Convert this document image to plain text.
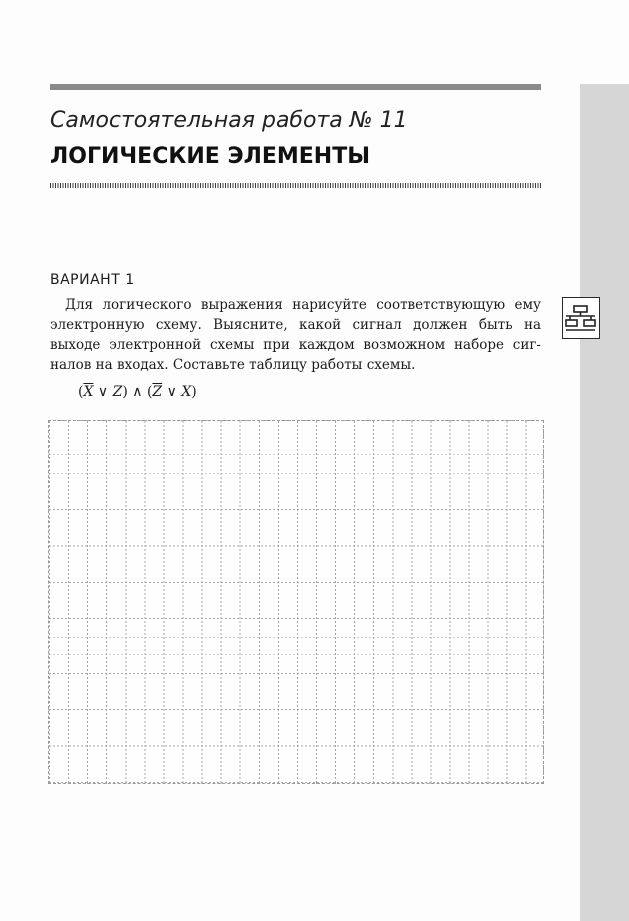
Самостоятельная работа № 11
ЛОГИЧЕСКИЕ ЭЛЕМЕНТЫ
ВАРИАНТ 1
Для логического выражения нарисуйте соответствующую ему
электронную схему. Выясните, какой сигнал должен быть на
выходе электронной схемы при каждом возможном наборе сиг-
налов на входах. Составьте таблицу работы схемы.
($\overline{X}$ ∨ Z) ∧ ($\overline{Z}$ ∨ X)
